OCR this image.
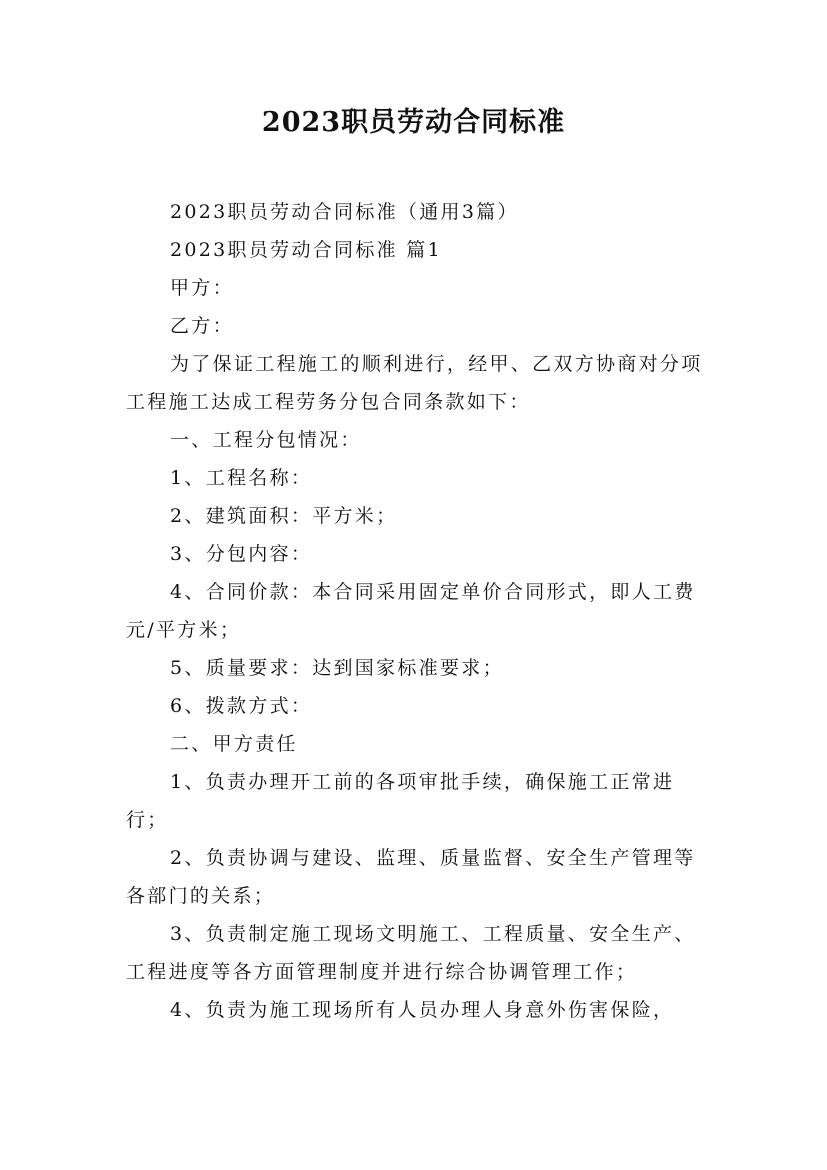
2023职员劳动合同标准

2023职员劳动合同标准（通用3篇）

2023职员劳动合同标准 篇1

甲方：

乙方：

为了保证工程施工的顺利进行，经甲、乙双方协商对分项工程施工达成工程劳务分包合同条款如下：

一、工程分包情况：

1、工程名称：

2、建筑面积：平方米；

3、分包内容：

4、合同价款：本合同采用固定单价合同形式，即人工费元/平方米；

5、质量要求：达到国家标准要求；

6、拨款方式：

二、甲方责任

1、负责办理开工前的各项审批手续，确保施工正常进行；

2、负责协调与建设、监理、质量监督、安全生产管理等各部门的关系；

3、负责制定施工现场文明施工、工程质量、安全生产、工程进度等各方面管理制度并进行综合协调管理工作；

4、负责为施工现场所有人员办理人身意外伤害保险，
